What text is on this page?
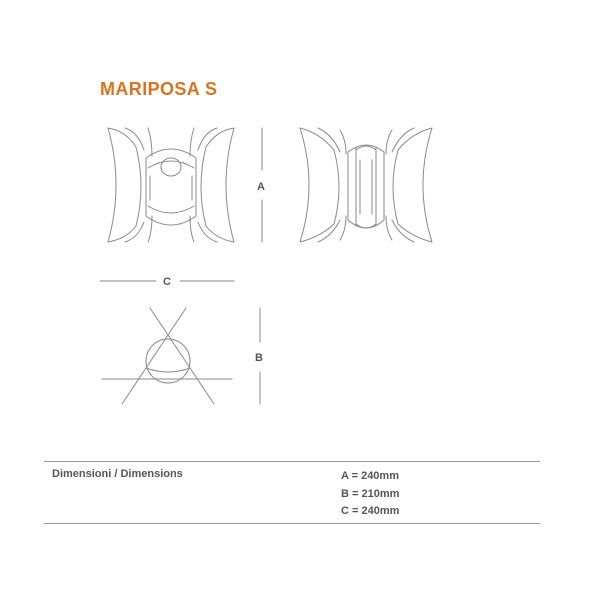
MARIPOSA S
A
C
B
Dimensioni / Dimensions	A = 240mm
B = 210mm
C = 240mm
